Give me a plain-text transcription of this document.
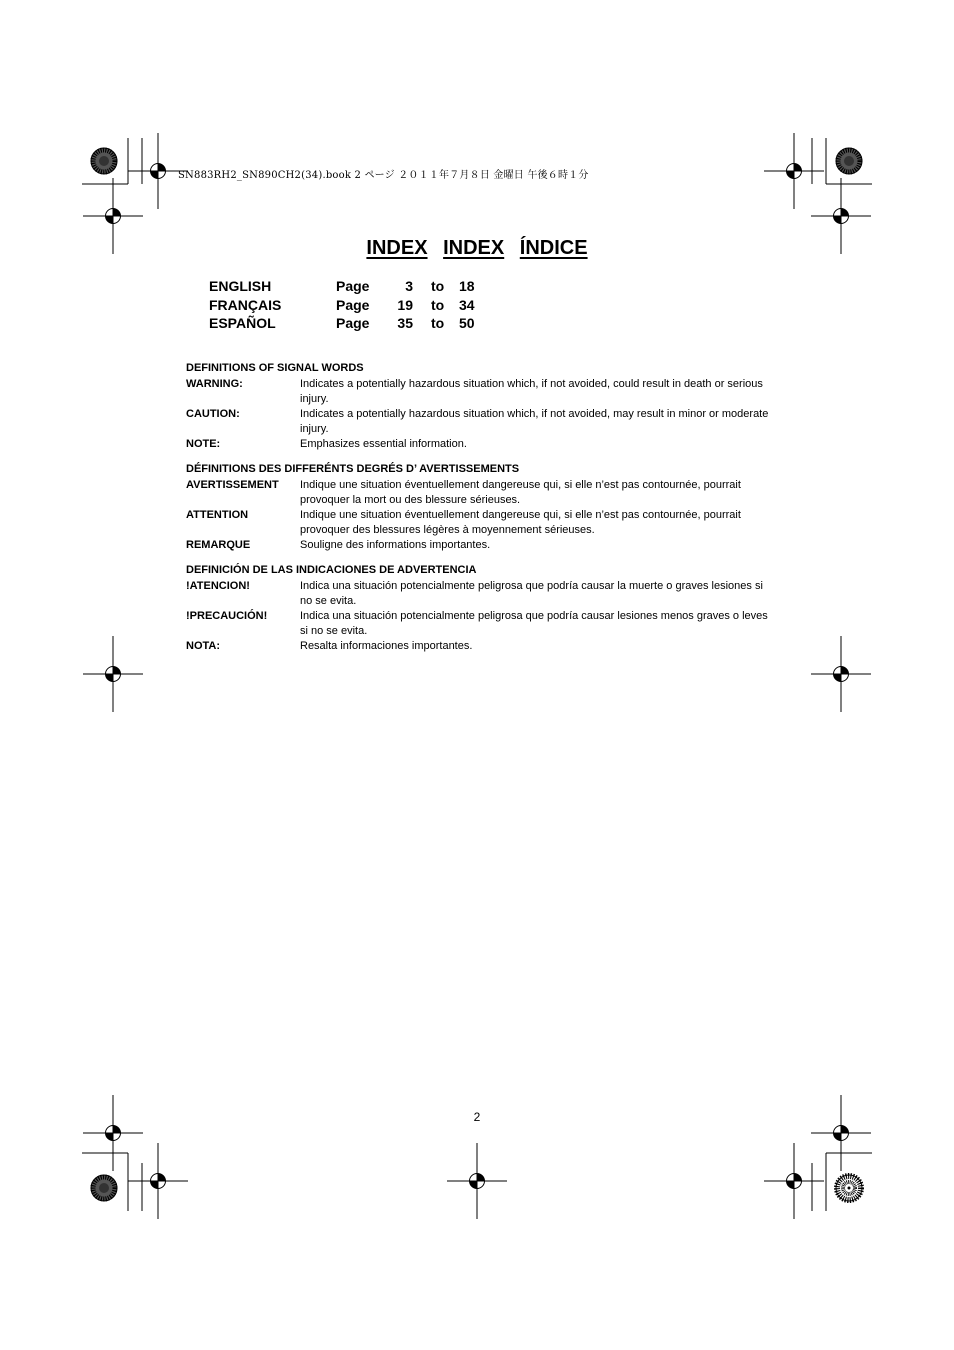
SN883RH2_SN890CH2(34).book 2 ページ ２０１１年７月８日 金曜日 午後６時１分
INDEX INDEX ÍNDICE
ENGLISH	Page	3 to 18
FRANÇAIS	Page 19 to 34
ESPAÑOL	Page 35 to 50
DEFINITIONS OF SIGNAL WORDS
WARNING:	Indicates a potentially hazardous situation which, if not avoided, could result in death or serious injury.
CAUTION:	Indicates a potentially hazardous situation which, if not avoided, may result in minor or moderate injury.
NOTE:	Emphasizes essential information.
DÉFINITIONS DES DIFFERÉNTS DEGRÉS D’ AVERTISSEMENTS
AVERTISSEMENT Indique une situation éventuellement dangereuse qui, si elle n’est pas contournée, pourrait provoquer la mort ou des blessure sérieuses.
ATTENTION	Indique une situation éventuellement dangereuse qui, si elle n’est pas contournée, pourrait provoquer des blessures légères à moyennement sérieuses.
REMARQUE	Souligne des informations importantes.
DEFINICIÓN DE LAS INDICACIONES DE ADVERTENCIA
!ATENCION!	Indica una situación potencialmente peligrosa que podría causar la muerte o graves lesiones si no se evita.
!PRECAUCIÓN!	Indica una situación potencialmente peligrosa que podría causar lesiones menos graves o leves si no se evita.
NOTA:	Resalta informaciones importantes.
2
